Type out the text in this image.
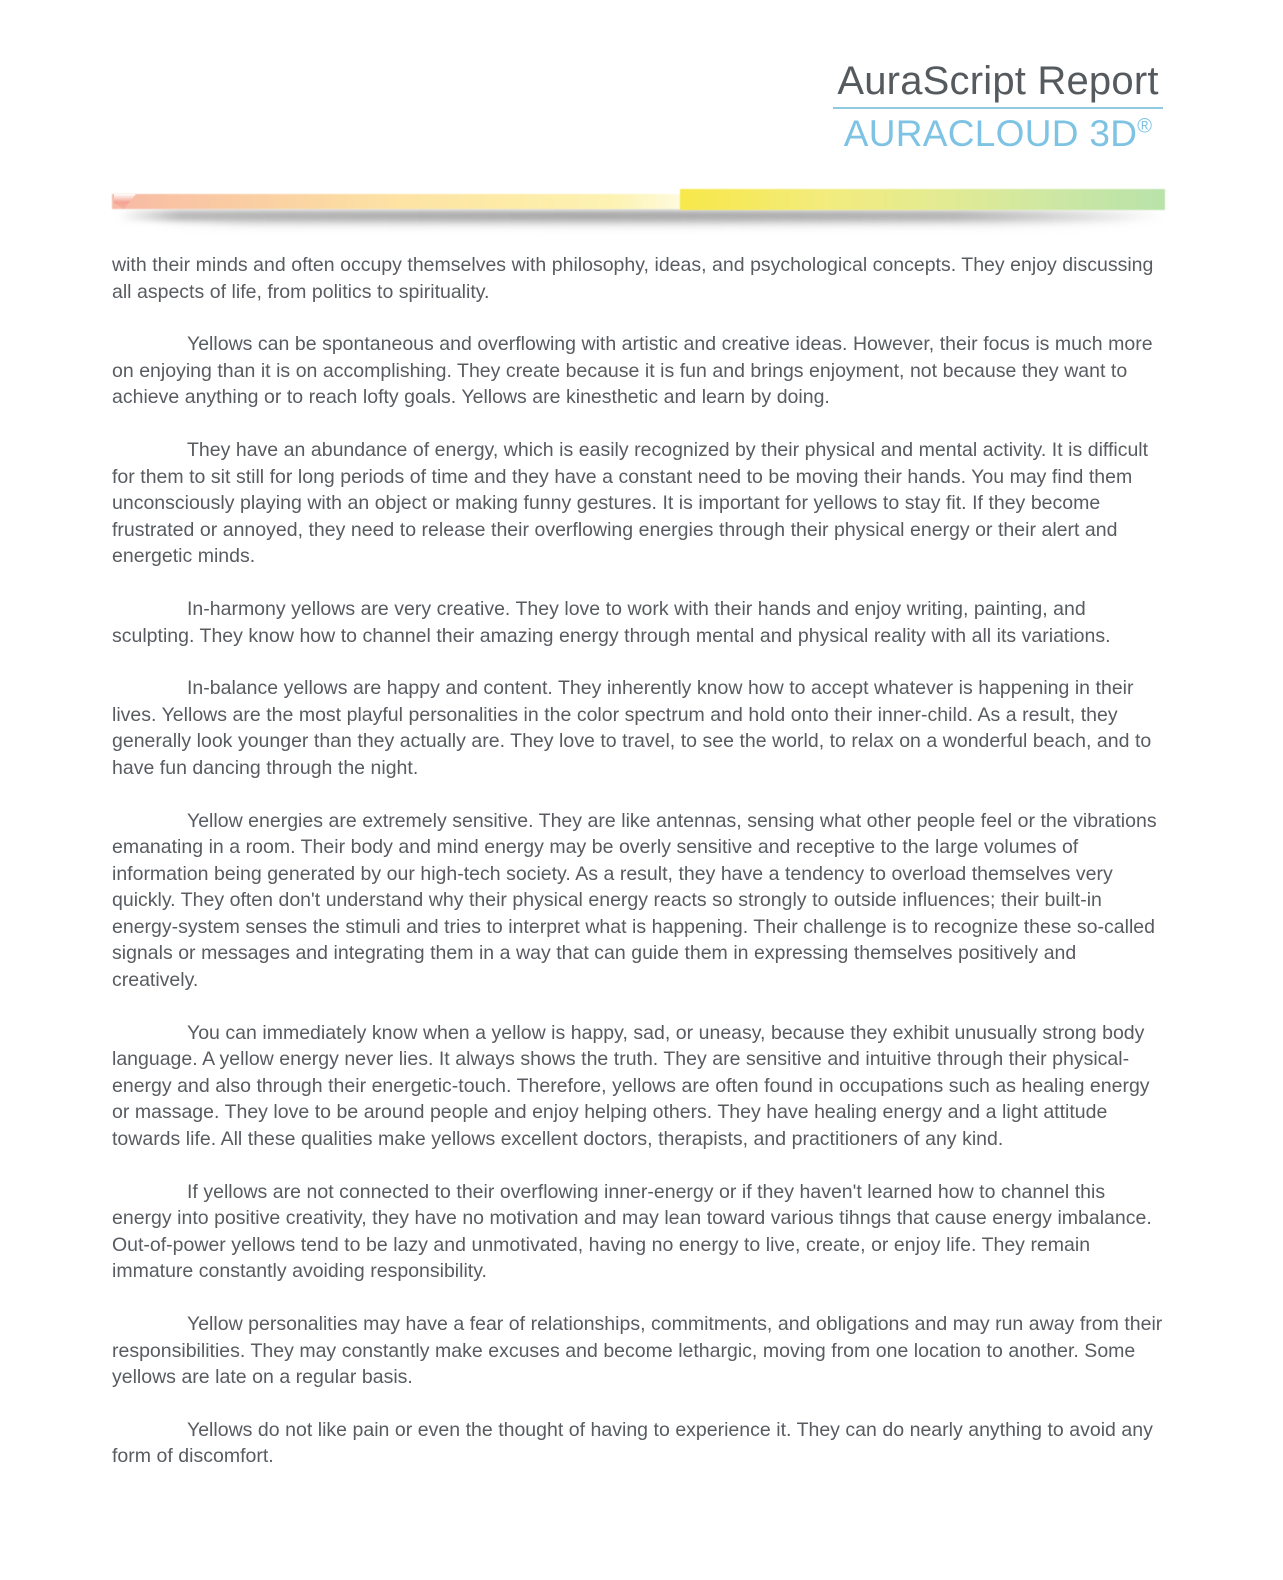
AuraScript Report
AURACLOUD 3D®

with their minds and often occupy themselves with philosophy, ideas, and psychological concepts. They enjoy discussing all aspects of life, from politics to spirituality.

Yellows can be spontaneous and overflowing with artistic and creative ideas. However, their focus is much more on enjoying than it is on accomplishing. They create because it is fun and brings enjoyment, not because they want to achieve anything or to reach lofty goals. Yellows are kinesthetic and learn by doing.

They have an abundance of energy, which is easily recognized by their physical and mental activity. It is difficult for them to sit still for long periods of time and they have a constant need to be moving their hands. You may find them unconsciously playing with an object or making funny gestures. It is important for yellows to stay fit. If they become frustrated or annoyed, they need to release their overflowing energies through their physical energy or their alert and energetic minds.

In-harmony yellows are very creative. They love to work with their hands and enjoy writing, painting, and sculpting. They know how to channel their amazing energy through mental and physical reality with all its variations.

In-balance yellows are happy and content. They inherently know how to accept whatever is happening in their lives. Yellows are the most playful personalities in the color spectrum and hold onto their inner-child. As a result, they generally look younger than they actually are. They love to travel, to see the world, to relax on a wonderful beach, and to have fun dancing through the night.

Yellow energies are extremely sensitive. They are like antennas, sensing what other people feel or the vibrations emanating in a room. Their body and mind energy may be overly sensitive and receptive to the large volumes of information being generated by our high-tech society. As a result, they have a tendency to overload themselves very quickly. They often don't understand why their physical energy reacts so strongly to outside influences; their built-in energy-system senses the stimuli and tries to interpret what is happening. Their challenge is to recognize these so-called signals or messages and integrating them in a way that can guide them in expressing themselves positively and creatively.

You can immediately know when a yellow is happy, sad, or uneasy, because they exhibit unusually strong body language. A yellow energy never lies. It always shows the truth. They are sensitive and intuitive through their physical-energy and also through their energetic-touch. Therefore, yellows are often found in occupations such as healing energy or massage. They love to be around people and enjoy helping others. They have healing energy and a light attitude towards life. All these qualities make yellows excellent doctors, therapists, and practitioners of any kind.

If yellows are not connected to their overflowing inner-energy or if they haven't learned how to channel this energy into positive creativity, they have no motivation and may lean toward various tihngs that cause energy imbalance. Out-of-power yellows tend to be lazy and unmotivated, having no energy to live, create, or enjoy life. They remain immature constantly avoiding responsibility.

Yellow personalities may have a fear of relationships, commitments, and obligations and may run away from their responsibilities. They may constantly make excuses and become lethargic, moving from one location to another. Some yellows are late on a regular basis.

Yellows do not like pain or even the thought of having to experience it. They can do nearly anything to avoid any form of discomfort.
